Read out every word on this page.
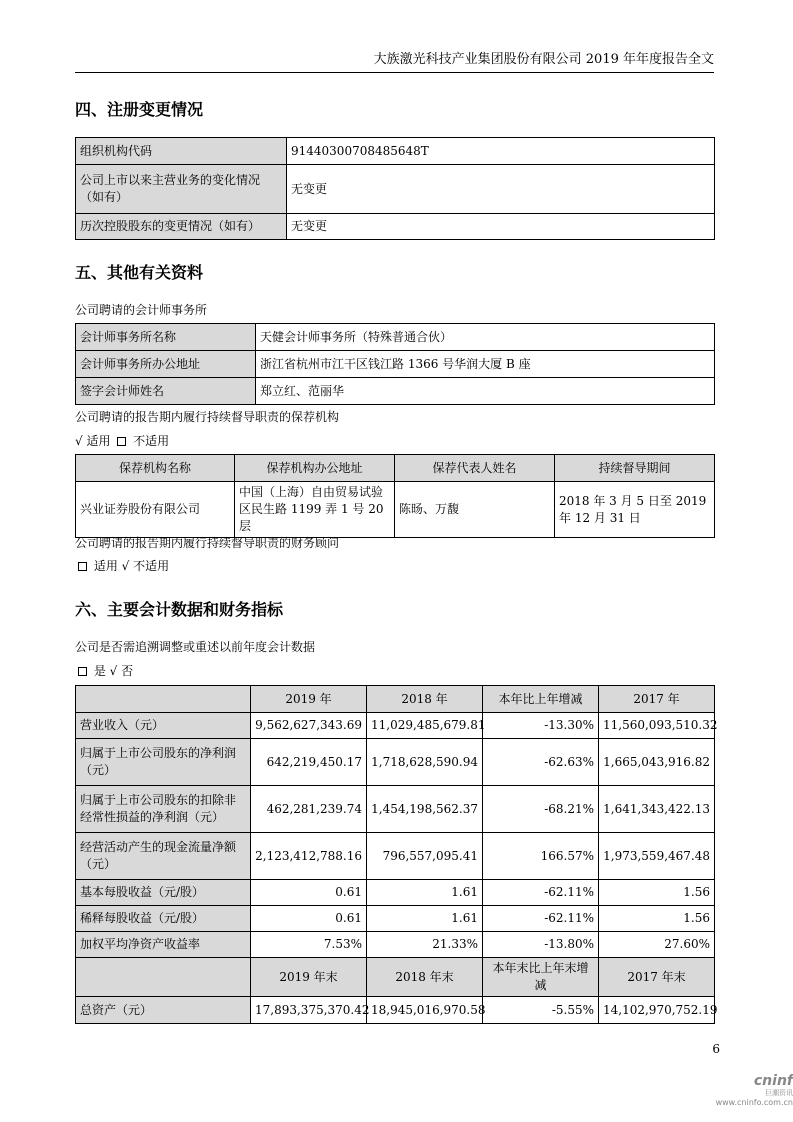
大族激光科技产业集团股份有限公司 2019 年年度报告全文
四、注册变更情况
组织机构代码	91440300708485648T
公司上市以来主营业务的变化情况（如有）	无变更
历次控股股东的变更情况（如有）	无变更
五、其他有关资料
公司聘请的会计师事务所
会计师事务所名称	天健会计师事务所（特殊普通合伙）
会计师事务所办公地址	浙江省杭州市江干区钱江路 1366 号华润大厦 B 座
签字会计师姓名	郑立红、范丽华
公司聘请的报告期内履行持续督导职责的保荐机构
√ 适用 不适用
保荐机构名称	保荐机构办公地址	保荐代表人姓名	持续督导期间
兴业证券股份有限公司	中国（上海）自由贸易试验区民生路 1199 弄 1 号 20 层	陈旸、万馥	2018 年 3 月 5 日至 2019 年 12 月 31 日
公司聘请的报告期内履行持续督导职责的财务顾问
适用 √ 不适用
六、主要会计数据和财务指标
公司是否需追溯调整或重述以前年度会计数据
是 √ 否
	2019 年	2018 年	本年比上年增减	2017 年
营业收入（元）	9,562,627,343.69	11,029,485,679.81	-13.30%	11,560,093,510.32
归属于上市公司股东的净利润（元）	642,219,450.17	1,718,628,590.94	-62.63%	1,665,043,916.82
归属于上市公司股东的扣除非经常性损益的净利润（元）	462,281,239.74	1,454,198,562.37	-68.21%	1,641,343,422.13
经营活动产生的现金流量净额（元）	2,123,412,788.16	796,557,095.41	166.57%	1,973,559,467.48
基本每股收益（元/股）	0.61	1.61	-62.11%	1.56
稀释每股收益（元/股）	0.61	1.61	-62.11%	1.56
加权平均净资产收益率	7.53%	21.33%	-13.80%	27.60%
	2019 年末	2018 年末	本年末比上年末增减	2017 年末
总资产（元）	17,893,375,370.42	18,945,016,970.58	-5.55%	14,102,970,752.19
6
cninf
巨潮资讯
www.cninfo.com.cn
